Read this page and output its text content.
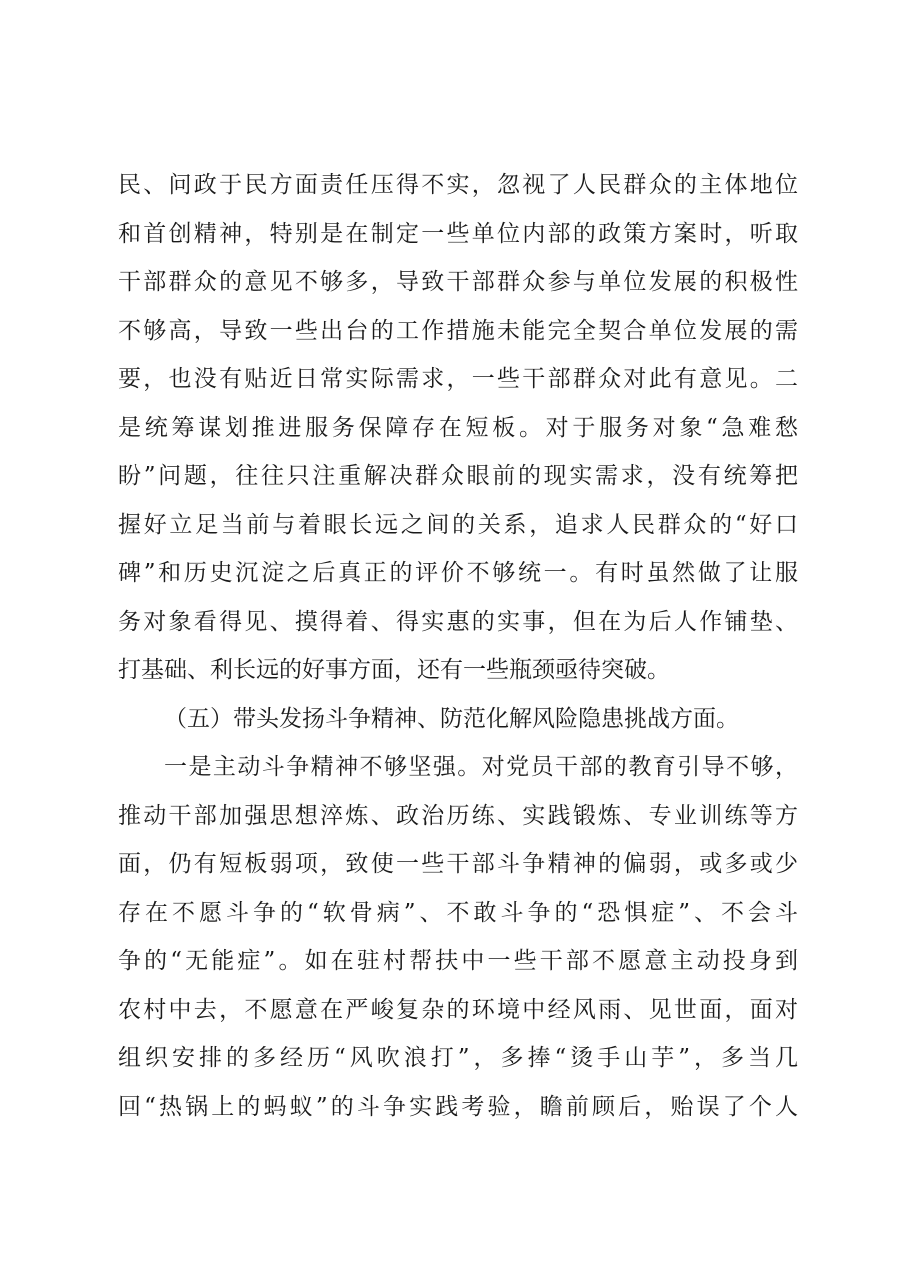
民、问政于民方面责任压得不实，忽视了人民群众的主体地位
和首创精神，特别是在制定一些单位内部的政策方案时，听取
干部群众的意见不够多，导致干部群众参与单位发展的积极性
不够高，导致一些出台的工作措施未能完全契合单位发展的需
要，也没有贴近日常实际需求，一些干部群众对此有意见。二
是统筹谋划推进服务保障存在短板。对于服务对象“急难愁
盼”问题，往往只注重解决群众眼前的现实需求，没有统筹把
握好立足当前与着眼长远之间的关系，追求人民群众的“好口
碑”和历史沉淀之后真正的评价不够统一。有时虽然做了让服
务对象看得见、摸得着、得实惠的实事，但在为后人作铺垫、
打基础、利长远的好事方面，还有一些瓶颈亟待突破。
（五）带头发扬斗争精神、防范化解风险隐患挑战方面。
一是主动斗争精神不够坚强。对党员干部的教育引导不够，
推动干部加强思想淬炼、政治历练、实践锻炼、专业训练等方
面，仍有短板弱项，致使一些干部斗争精神的偏弱，或多或少
存在不愿斗争的“软骨病”、不敢斗争的“恐惧症”、不会斗
争的“无能症”。如在驻村帮扶中一些干部不愿意主动投身到
农村中去，不愿意在严峻复杂的环境中经风雨、见世面，面对
组织安排的多经历“风吹浪打”，多捧“烫手山芋”，多当几
回“热锅上的蚂蚁”的斗争实践考验，瞻前顾后，贻误了个人
